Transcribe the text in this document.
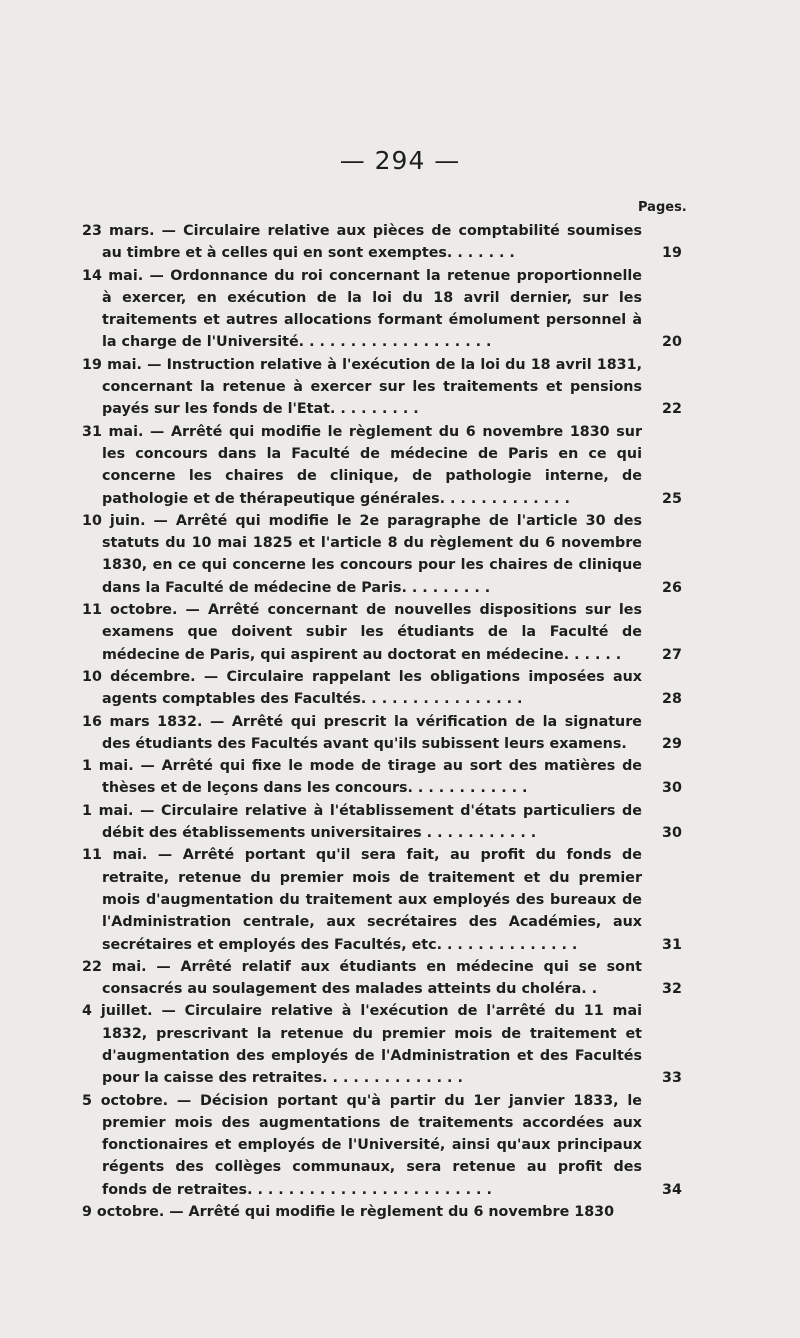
— 294 —
Pages.
23 mars. — Circulaire relative aux pièces de comptabilité soumises au timbre et à celles qui en sont exemptes. . . . . . .	19
14 mai. — Ordonnance du roi concernant la retenue proportionnelle à exercer, en exécution de la loi du 18 avril dernier, sur les traitements et autres allocations formant émolument personnel à la charge de l'Université. . . . . . . . . . . . . . . . . . .	20
19 mai. — Instruction relative à l'exécution de la loi du 18 avril 1831, concernant la retenue à exercer sur les traitements et pensions payés sur les fonds de l'Etat. . . . . . . . .	22
31 mai. — Arrêté qui modifie le règlement du 6 novembre 1830 sur les concours dans la Faculté de médecine de Paris en ce qui concerne les chaires de clinique, de pathologie interne, de pathologie et de thérapeutique générales. . . . . . . . . . . . .	25
10 juin. — Arrêté qui modifie le 2e paragraphe de l'article 30 des statuts du 10 mai 1825 et l'article 8 du règlement du 6 novembre 1830, en ce qui concerne les concours pour les chaires de clinique dans la Faculté de médecine de Paris. . . . . . . . .	26
11 octobre. — Arrêté concernant de nouvelles dispositions sur les examens que doivent subir les étudiants de la Faculté de médecine de Paris, qui aspirent au doctorat en médecine. . . . . .	27
10 décembre. — Circulaire rappelant les obligations imposées aux agents comptables des Facultés. . . . . . . . . . . . . . . .	28
16 mars 1832. — Arrêté qui prescrit la vérification de la signature des étudiants des Facultés avant qu'ils subissent leurs examens. 29
1 mai. — Arrêté qui fixe le mode de tirage au sort des matières de thèses et de leçons dans les concours. . . . . . . . . . . .	30
1 mai. — Circulaire relative à l'établissement d'états particuliers de débit des établissements universitaires . . . . . . . . . . .	30
11 mai. — Arrêté portant qu'il sera fait, au profit du fonds de retraite, retenue du premier mois de traitement et du premier mois d'augmentation du traitement aux employés des bureaux de l'Administration centrale, aux secrétaires des Académies, aux secrétaires et employés des Facultés, etc. . . . . . . . . . . . . .	31
22 mai. — Arrêté relatif aux étudiants en médecine qui se sont consacrés au soulagement des malades atteints du choléra. .	32
4 juillet. — Circulaire relative à l'exécution de l'arrêté du 11 mai 1832, prescrivant la retenue du premier mois de traitement et d'augmentation des employés de l'Administration et des Facultés pour la caisse des retraites. . . . . . . . . . . . . .	33
5 octobre. — Décision portant qu'à partir du 1er janvier 1833, le premier mois des augmentations de traitements accordées aux fonctionaires et employés de l'Université, ainsi qu'aux principaux régents des collèges communaux, sera retenue au profit des fonds de retraites. . . . . . . . . . . . . . . . . . . . . . . .	34
9 octobre. — Arrêté qui modifie le règlement du 6 novembre 1830
